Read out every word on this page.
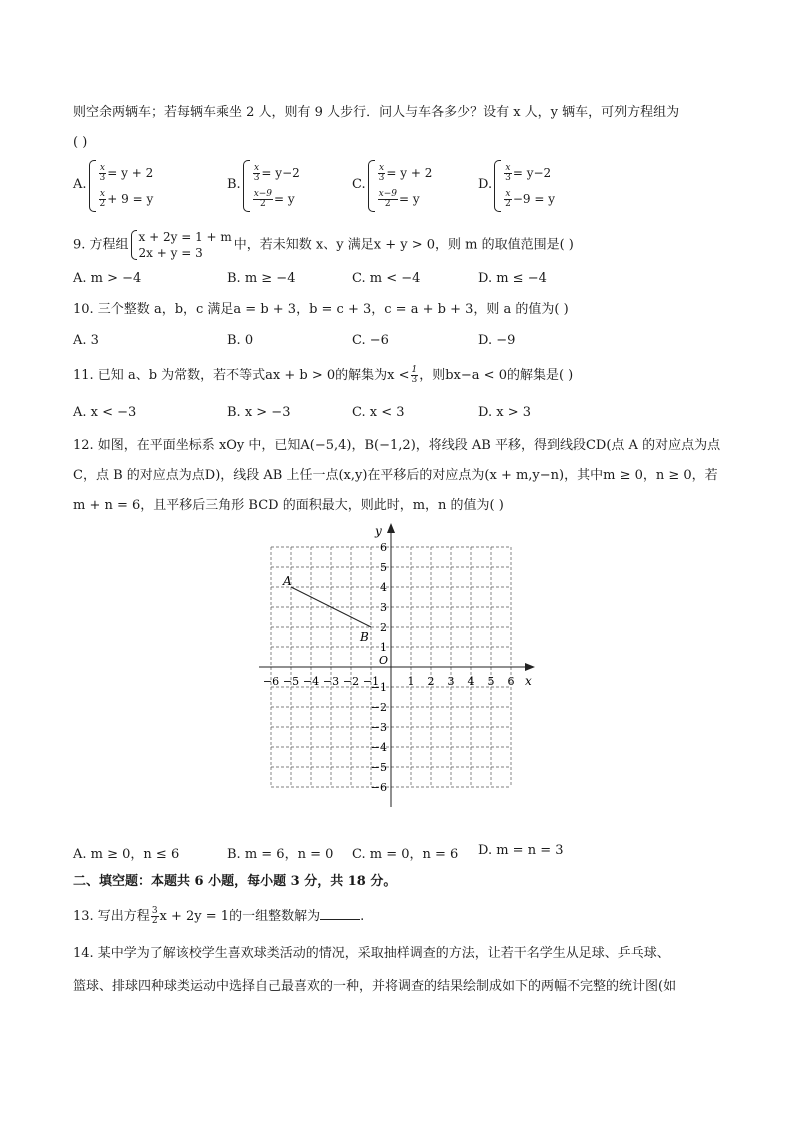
则空余两辆车；若每辆车乘坐 2 人，则有 9 人步行．问人与车各多少？设有 x 人，y 辆车，可列方程组为
( )
A.
$\frac{x}{3} = y + 2$
$\frac{x}{2} + 9 = y$
B.
$\frac{x}{3} = y-2$
$\frac{x-9}{2} = y$
C.
$\frac{x}{3} = y + 2$
$\frac{x-9}{2} = y$
D.
$\frac{x}{3} = y-2$
$\frac{x}{2} -9 = y$
9. 方程组
x + 2y = 1 + m
2x + y = 3
中，若未知数 x、y 满足x + y > 0，则 m 的取值范围是( )
A. m > −4	B. m ≥ −4	C. m < −4	D. m ≤ −4
10. 三个整数 a，b，c 满足a = b + 3，b = c + 3，c = a + b + 3，则 a 的值为( )
A. 3	B. 0	C. −6	D. −9
11. 已知 a、b 为常数，若不等式ax + b > 0的解集为$x < \frac{1}{3}$ ，则bx−a < 0的解集是( )
A. x < −3	B. x > −3	C. x < 3	D. x > 3
12. 如图，在平面坐标系 xOy 中，已知A(−5,4)，B(−1,2)，将线段 AB 平移，得到线段CD(点 A 的对应点为点
C，点 B 的对应点为点D)，线段 AB 上任一点(x,y)在平移后的对应点为(x + m,y−n)，其中m ≥ 0，n ≥ 0，若
m + n = 6，且平移后三角形 BCD 的面积最大，则此时，m，n 的值为( )
x
y
O
−6 −5 −4 −3 −2 −1	1 2 3 4 5 6
−6
−5
−4
−3
−2
−1
1
2
3
4
5
6
A
B
A. m ≥ 0，n ≤ 6	B. m = 6，n = 0 C. m = 0，n = 6 D. m = n = 3
二、填空题：本题共 6 小题，每小题 3 分，共 18 分。
13. 写出方程 $\frac{3}{2}$ x + 2y = 1的一组整数解为	.
14. 某中学为了解该校学生喜欢球类活动的情况，采取抽样调查的方法，让若干名学生从足球、乒乓球、
篮球、排球四种球类运动中选择自己最喜欢的一种，并将调查的结果绘制成如下的两幅不完整的统计图(如
